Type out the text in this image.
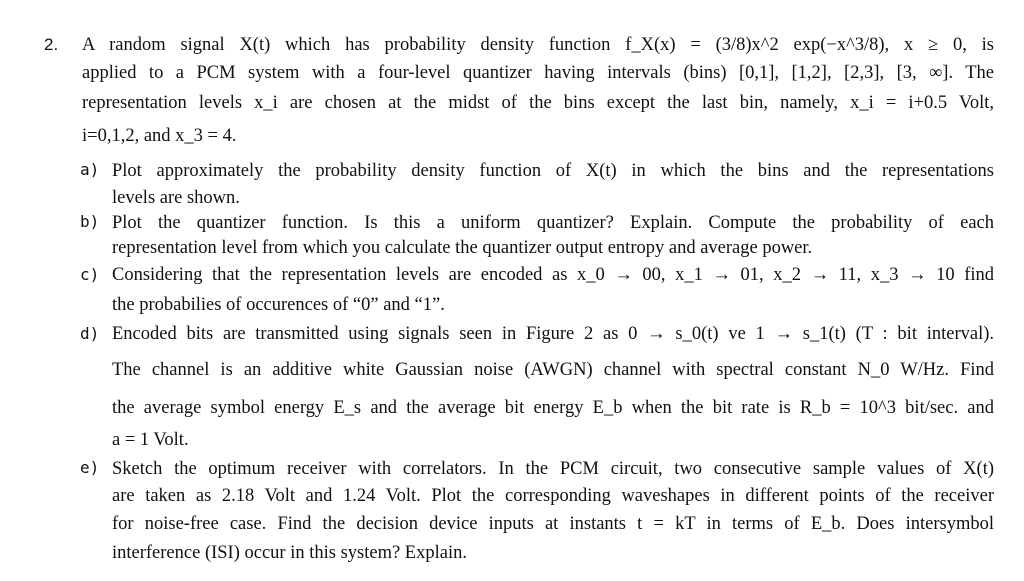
2. A random signal X(t) which has probability density function f_X(x) = (3/8)x^2 exp(−x^3/8), x ≥ 0, is
applied to a PCM system with a four-level quantizer having intervals (bins) [0,1], [1,2], [2,3], [3, ∞]. The
representation levels x_i are chosen at the midst of the bins except the last bin, namely, x_i = i+0.5 Volt,
i=0,1,2, and x_3 = 4.
a) Plot approximately the probability density function of X(t) in which the bins and the representations
levels are shown.
b) Plot the quantizer function. Is this a uniform quantizer? Explain. Compute the probability of each
representation level from which you calculate the quantizer output entropy and average power.
c) Considering that the representation levels are encoded as x_0 → 00, x_1 → 01, x_2 → 11, x_3 → 10 find
the probabilies of occurences of “0” and “1”.
d) Encoded bits are transmitted using signals seen in Figure 2 as 0 → s_0(t) ve 1 → s_1(t) (T : bit interval).
The channel is an additive white Gaussian noise (AWGN) channel with spectral constant N_0 W/Hz. Find
the average symbol energy E_s and the average bit energy E_b when the bit rate is R_b = 10^3 bit/sec. and
a = 1 Volt.
e) Sketch the optimum receiver with correlators. In the PCM circuit, two consecutive sample values of X(t)
are taken as 2.18 Volt and 1.24 Volt. Plot the corresponding waveshapes in different points of the receiver
for noise-free case. Find the decision device inputs at instants t = kT in terms of E_b. Does intersymbol
interference (ISI) occur in this system? Explain.
